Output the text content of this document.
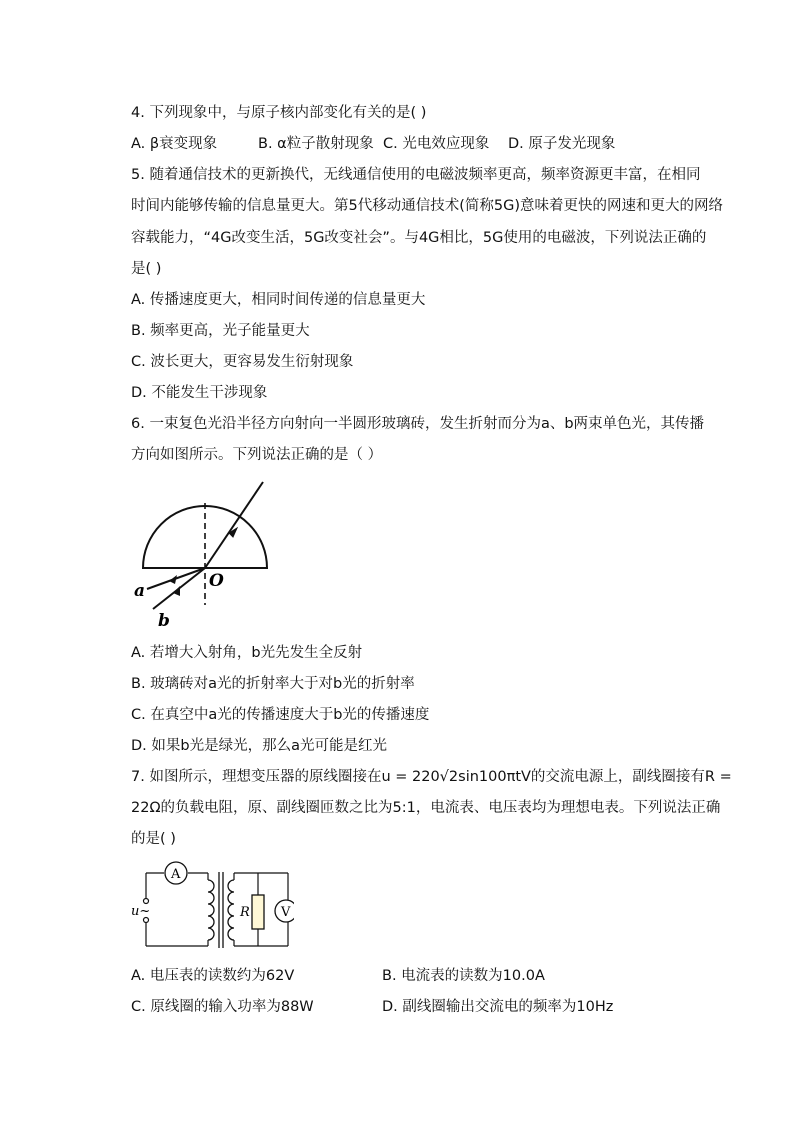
4. 下列现象中，与原子核内部变化有关的是( )
A. β衰变现象	B. α粒子散射现象 C. 光电效应现象 D. 原子发光现象
5. 随着通信技术的更新换代，无线通信使用的电磁波频率更高，频率资源更丰富，在相同
时间内能够传输的信息量更大。第5代移动通信技术(简称5G)意味着更快的网速和更大的网络
容载能力，“4G改变生活，5G改变社会”。与4G相比，5G使用的电磁波，下列说法正确的
是( )
A. 传播速度更大，相同时间传递的信息量更大
B. 频率更高，光子能量更大
C. 波长更大，更容易发生衍射现象
D. 不能发生干涉现象
6. 一束复色光沿半径方向射向一半圆形玻璃砖，发生折射而分为a、b两束单色光，其传播
方向如图所示。下列说法正确的是（ ）
a	O
b
A. 若增大入射角，b光先发生全反射
B. 玻璃砖对a光的折射率大于对b光的折射率
C. 在真空中a光的传播速度大于b光的传播速度
D. 如果b光是绿光，那么a光可能是红光
7. 如图所示，理想变压器的原线圈接在u = 220√2sin100πtV的交流电源上，副线圈接有R =
22Ω的负载电阻，原、副线圈匝数之比为5:1，电流表、电压表均为理想电表。下列说法正确
的是( )
u~
A
R V
A. 电压表的读数约为62V	B. 电流表的读数为10.0A
C. 原线圈的输入功率为88W	D. 副线圈输出交流电的频率为10Hz
